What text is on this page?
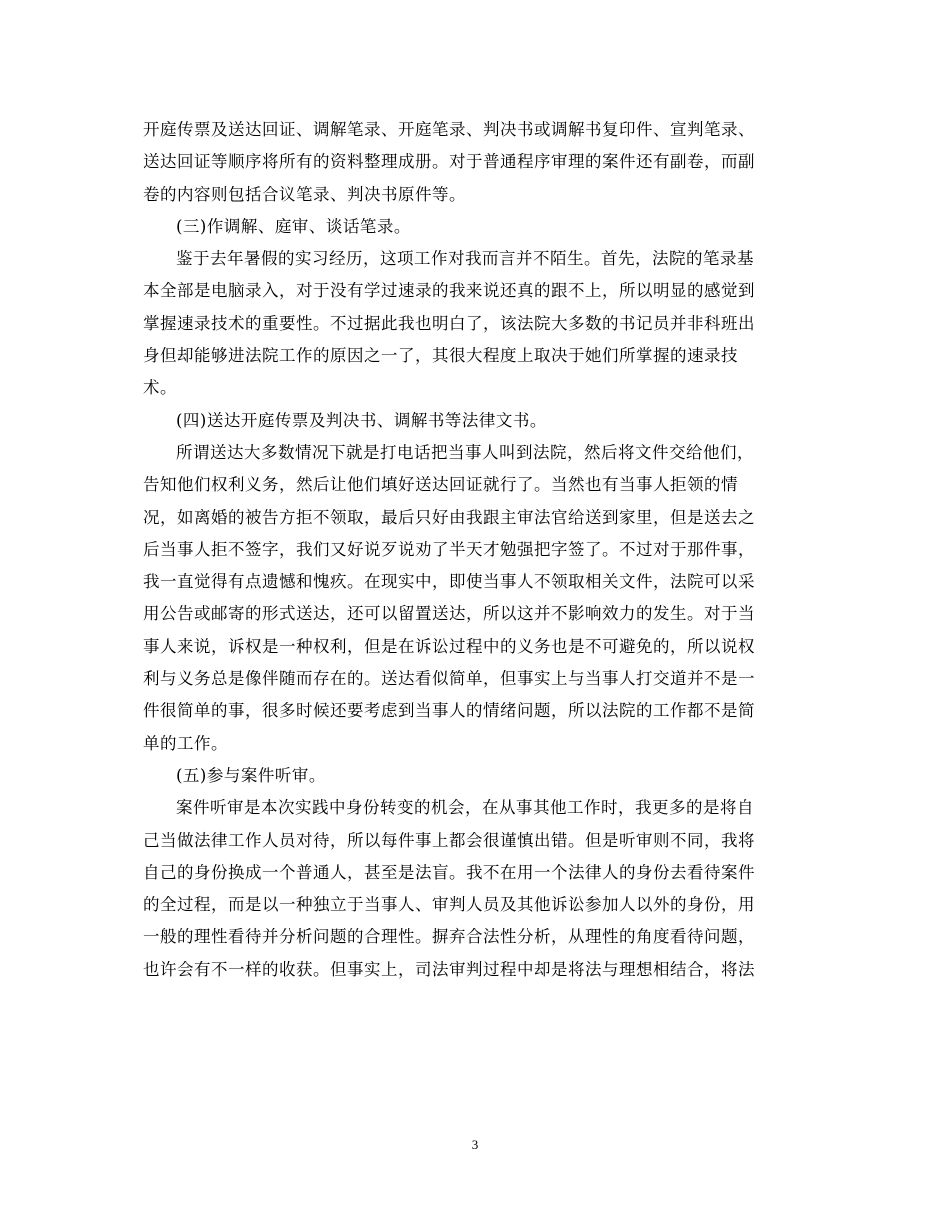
开庭传票及送达回证、调解笔录、开庭笔录、判决书或调解书复印件、宣判笔录、
送达回证等顺序将所有的资料整理成册。对于普通程序审理的案件还有副卷，而副
卷的内容则包括合议笔录、判决书原件等。
(三)作调解、庭审、谈话笔录。
鉴于去年暑假的实习经历，这项工作对我而言并不陌生。首先，法院的笔录基
本全部是电脑录入，对于没有学过速录的我来说还真的跟不上，所以明显的感觉到
掌握速录技术的重要性。不过据此我也明白了，该法院大多数的书记员并非科班出
身但却能够进法院工作的原因之一了，其很大程度上取决于她们所掌握的速录技
术。
(四)送达开庭传票及判决书、调解书等法律文书。
所谓送达大多数情况下就是打电话把当事人叫到法院，然后将文件交给他们，
告知他们权利义务，然后让他们填好送达回证就行了。当然也有当事人拒领的情
况，如离婚的被告方拒不领取，最后只好由我跟主审法官给送到家里，但是送去之
后当事人拒不签字，我们又好说歹说劝了半天才勉强把字签了。不过对于那件事，
我一直觉得有点遗憾和愧疚。在现实中，即使当事人不领取相关文件，法院可以采
用公告或邮寄的形式送达，还可以留置送达，所以这并不影响效力的发生。对于当
事人来说，诉权是一种权利，但是在诉讼过程中的义务也是不可避免的，所以说权
利与义务总是像伴随而存在的。送达看似简单，但事实上与当事人打交道并不是一
件很简单的事，很多时候还要考虑到当事人的情绪问题，所以法院的工作都不是简
单的工作。
(五)参与案件听审。
案件听审是本次实践中身份转变的机会，在从事其他工作时，我更多的是将自
己当做法律工作人员对待，所以每件事上都会很谨慎出错。但是听审则不同，我将
自己的身份换成一个普通人，甚至是法盲。我不在用一个法律人的身份去看待案件
的全过程，而是以一种独立于当事人、审判人员及其他诉讼参加人以外的身份，用
一般的理性看待并分析问题的合理性。摒弃合法性分析，从理性的角度看待问题，
也许会有不一样的收获。但事实上，司法审判过程中却是将法与理想相结合，将法
3
